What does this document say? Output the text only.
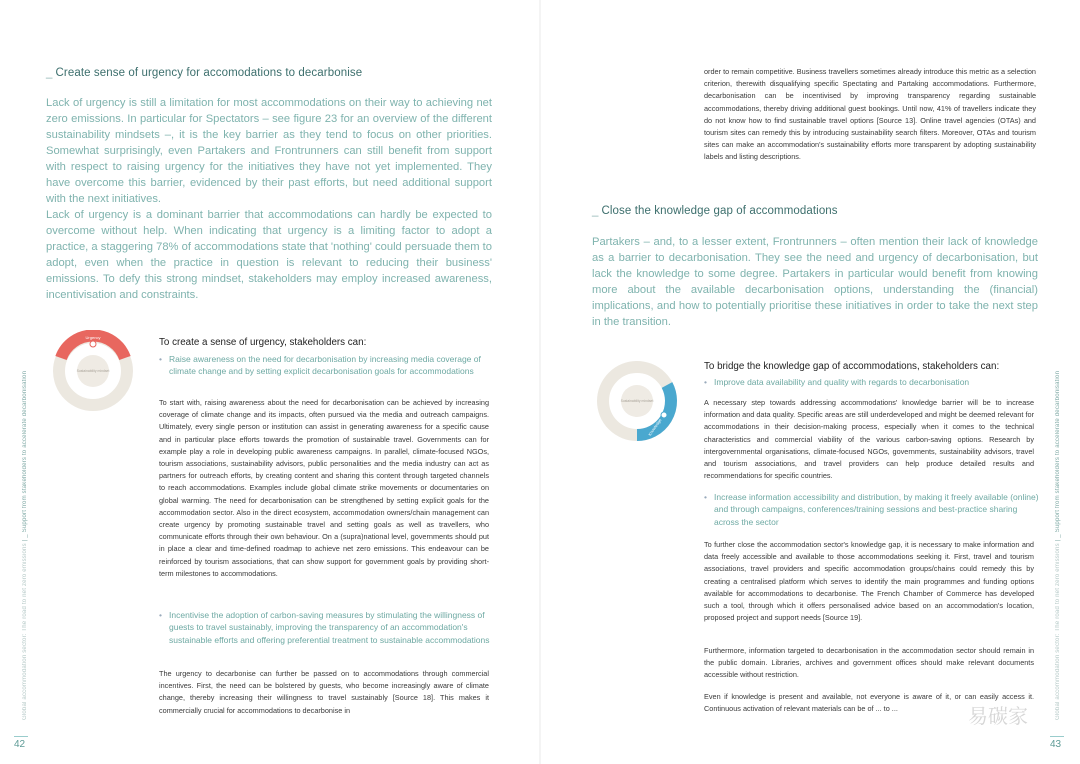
_ Create sense of urgency for accomodations to decarbonise

Lack of urgency is still a limitation for most accommodations on their way to achieving net zero emissions. In particular for Spectators – see figure 23 for an overview of the different sustainability mindsets –, it is the key barrier as they tend to focus on other priorities. Somewhat surprisingly, even Partakers and Frontrunners can still benefit from support with respect to raising urgency for the initiatives they have not yet implemented. They have overcome this barrier, evidenced by their past efforts, but need additional support with the next initiatives.

Lack of urgency is a dominant barrier that accommodations can hardly be expected to overcome without help. When indicating that urgency is a limiting factor to adopt a practice, a staggering 78% of accommodations state that 'nothing' could persuade them to adopt, even when the practice in question is relevant to reducing their business' emissions. To defy this strong mindset, stakeholders may employ increased awareness, incentivisation and constraints.

Urgency
Sustainability mindset
To create a sense of urgency, stakeholders can:
• Raise awareness on the need for decarbonisation by increasing media coverage of climate change and by setting explicit decarbonisation goals for accommodations
To start with, raising awareness about the need for decarbonisation can be achieved by increasing coverage of climate change and its impacts, often pursued via the media and outreach campaigns. Ultimately, every single person or institution can assist in generating awareness for a specific cause and in particular place efforts towards the promotion of sustainable travel. Governments can for example play a role in developing public awareness campaigns. In parallel, climate-focused NGOs, tourism associations, sustainability advisors, public personalities and the media industry can act as partners for outreach efforts, by creating content and sharing this content through targeted channels to reach accommodations. Examples include global climate strike movements or documentaries on global warming. The need for decarbonisation can be strengthened by setting explicit goals for the accommodation sector. Also in the direct ecosystem, accommodation owners/chain management can create urgency by promoting sustainable travel and setting goals as well as travellers, who communicate efforts through their own behaviour. On a (supra)national level, governments should put in place a clear and time-defined roadmap to achieve net zero emissions. This endeavour can be reinforced by tourism associations, that can show support for government goals by providing short-term milestones to accommodations.
• Incentivise the adoption of carbon-saving measures by stimulating the willingness of guests to travel sustainably, improving the transparency of an accommodation's sustainable efforts and offering preferential treatment to sustainable accommodations
The urgency to decarbonise can further be passed on to accommodations through commercial incentives. First, the need can be bolstered by guests, who become increasingly aware of climate change, thereby increasing their willingness to travel sustainably [Source 18]. This makes it commercially crucial for accommodations to decarbonise in
Global accommodation sector: The road to net zero emissions | _ Support from stakeholders to accelerate decarbonisation
42
order to remain competitive. Business travellers sometimes already introduce this metric as a selection criterion, therewith disqualifying specific Spectating and Partaking accommodations. Furthermore, decarbonisation can be incentivised by improving transparency regarding sustainable accommodations, thereby driving additional guest bookings. Until now, 41% of travellers indicate they do not know how to find sustainable travel options [Source 13]. Online travel agencies (OTAs) and tourism sites can remedy this by introducing sustainability search filters. Moreover, OTAs and tourism sites can make an accommodation's sustainability efforts more transparent by adopting sustainability labels and listing descriptions.
_ Close the knowledge gap of accommodations
Partakers – and, to a lesser extent, Frontrunners – often mention their lack of knowledge as a barrier to decarbonisation. They see the need and urgency of decarbonisation, but lack the knowledge to some degree. Partakers in particular would benefit from knowing more about the available decarbonisation options, understanding the (financial) implications, and how to potentially prioritise these initiatives in order to take the next step in the transition.
Knowledge
Sustainability mindset
To bridge the knowledge gap of accommodations, stakeholders can:
• Improve data availability and quality with regards to decarbonisation
A necessary step towards addressing accommodations' knowledge barrier will be to increase information and data quality. Specific areas are still underdeveloped and might be deemed relevant for accommodations in their decision-making process, especially when it comes to the technical characteristics and commercial viability of the various carbon-saving options. Research by intergovernmental organisations, climate-focused NGOs, governments, sustainability advisors, travel and tourism associations, and travel providers can help produce detailed results and recommendations for specific countries.
• Increase information accessibility and distribution, by making it freely available (online) and through campaigns, conferences/training sessions and best-practice sharing across the sector
To further close the accommodation sector's knowledge gap, it is necessary to make information and data freely accessible and available to those accommodations seeking it. First, travel and tourism associations, travel providers and specific accommodation groups/chains could remedy this by creating a centralised platform which serves to identify the main programmes and funding options available for accommodations to decarbonise. The French Chamber of Commerce has developed such a tool, through which it offers personalised advice based on an accommodation's location, proposed project and support needs [Source 19].
Furthermore, information targeted to decarbonisation in the accommodation sector should remain in the public domain. Libraries, archives and government offices should make relevant documents accessible without restriction.
Even if knowledge is present and available, not everyone is aware of it, or can easily access it. Continuous activation of relevant materials can be of ... to ...	易碳家	Global accommodation sector: The road to net zero emissions | _ Support from stakeholders to accelerate decarbonisation
43
